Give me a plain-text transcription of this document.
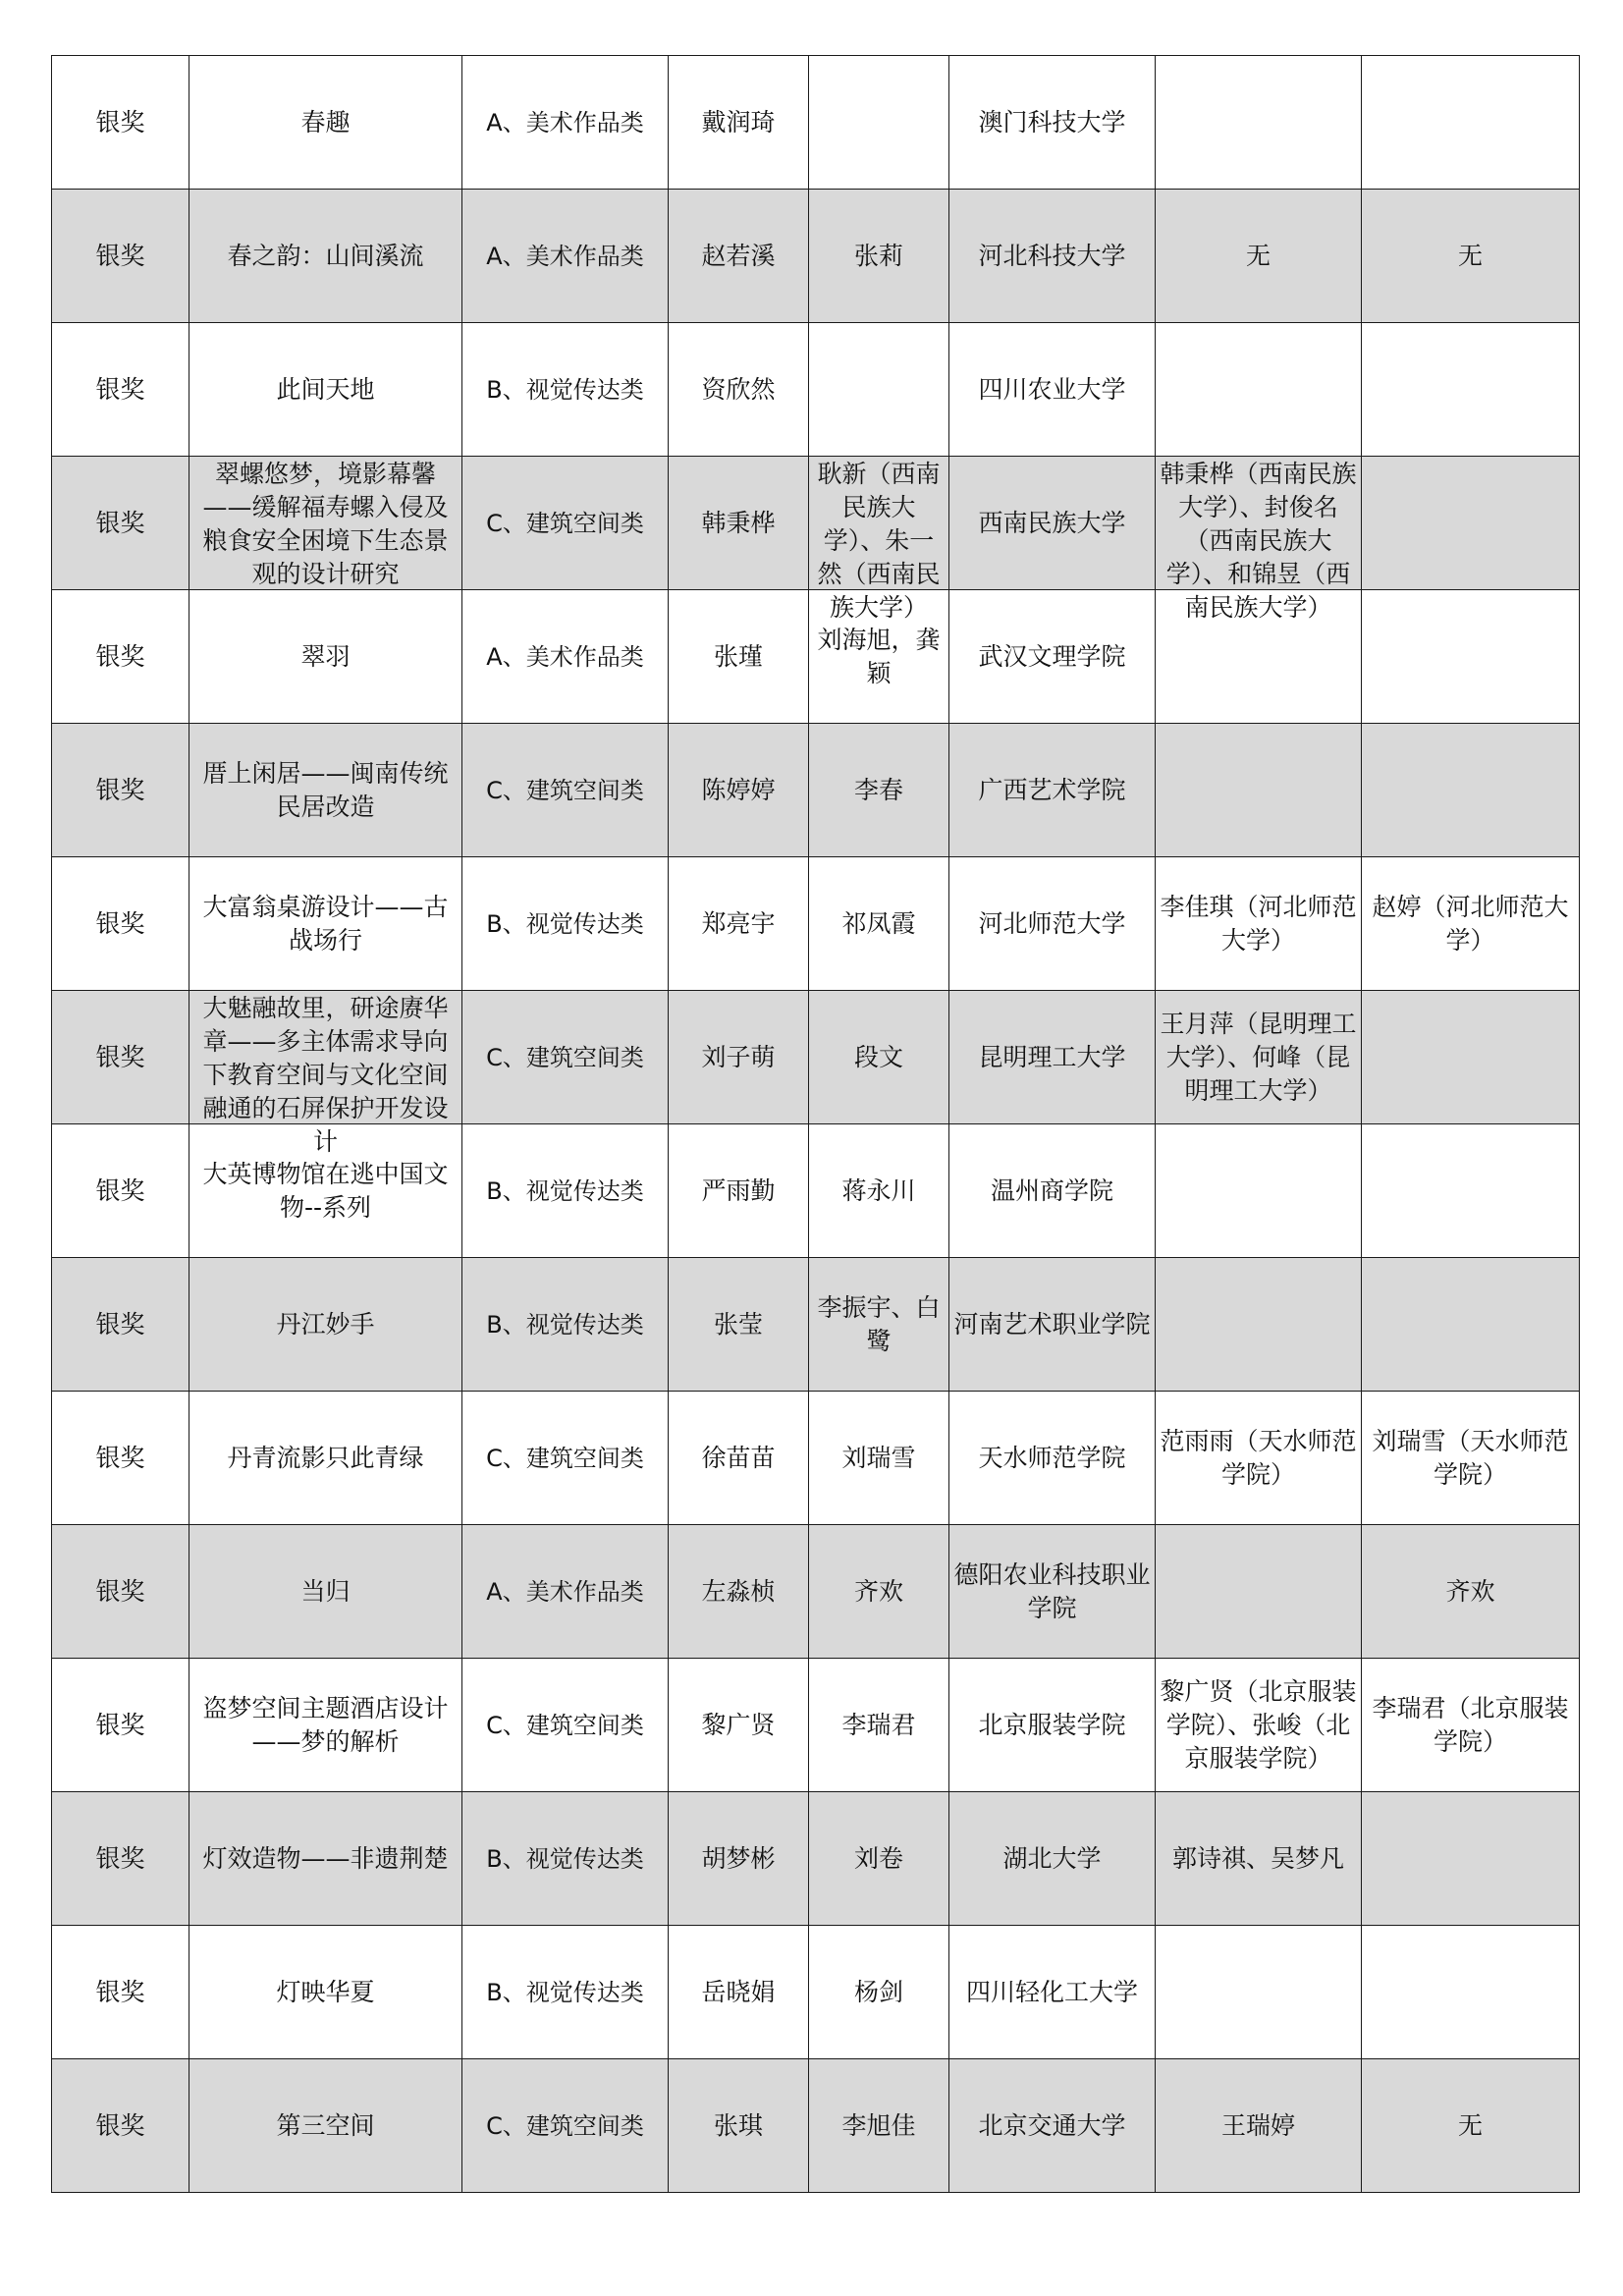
银奖	春趣	A、美术作品类	戴润琦		澳门科技大学		

银奖	春之韵：山间溪流	A、美术作品类	赵若溪	张莉	河北科技大学	无	无

银奖	此间天地	B、视觉传达类	资欣然		四川农业大学		

银奖	翠螺悠梦，境影幕馨——缓解福寿螺入侵及粮食安全困境下生态景观的设计研究	C、建筑空间类	韩秉桦	耿新（西南民族大学）、朱一然（西南民族大学）	西南民族大学	韩秉桦（西南民族大学）、封俊名（西南民族大学）、和锦昱（西南民族大学）	

银奖	翠羽	A、美术作品类	张瑾	刘海旭，龚颖	武汉文理学院		

银奖	厝上闲居——闽南传统民居改造	C、建筑空间类	陈婷婷	李春	广西艺术学院		

银奖	大富翁桌游设计——古战场行	B、视觉传达类	郑亮宇	祁凤霞	河北师范大学	李佳琪（河北师范大学）	赵婷（河北师范大学）

银奖	大魅融故里，研途赓华章——多主体需求导向下教育空间与文化空间融通的石屏保护开发设计	C、建筑空间类	刘子萌	段文	昆明理工大学	王月萍（昆明理工大学）、何峰（昆明理工大学）	

银奖	大英博物馆在逃中国文物--系列	B、视觉传达类	严雨勤	蒋永川	温州商学院		

银奖	丹江妙手	B、视觉传达类	张莹	李振宇、白鹭	河南艺术职业学院		

银奖	丹青流影只此青绿	C、建筑空间类	徐苗苗	刘瑞雪	天水师范学院	范雨雨（天水师范学院）	刘瑞雪（天水师范学院）

银奖	当归	A、美术作品类	左淼桢	齐欢	德阳农业科技职业学院		齐欢

银奖	盗梦空间主题酒店设计——梦的解析	C、建筑空间类	黎广贤	李瑞君	北京服装学院	黎广贤（北京服装学院）、张峻（北京服装学院）	李瑞君（北京服装学院）

银奖	灯效造物——非遗荆楚	B、视觉传达类	胡梦彬	刘卷	湖北大学	郭诗祺、吴梦凡	

银奖	灯映华夏	B、视觉传达类	岳晓娟	杨剑	四川轻化工大学		

银奖	第三空间	C、建筑空间类	张琪	李旭佳	北京交通大学	王瑞婷	无
